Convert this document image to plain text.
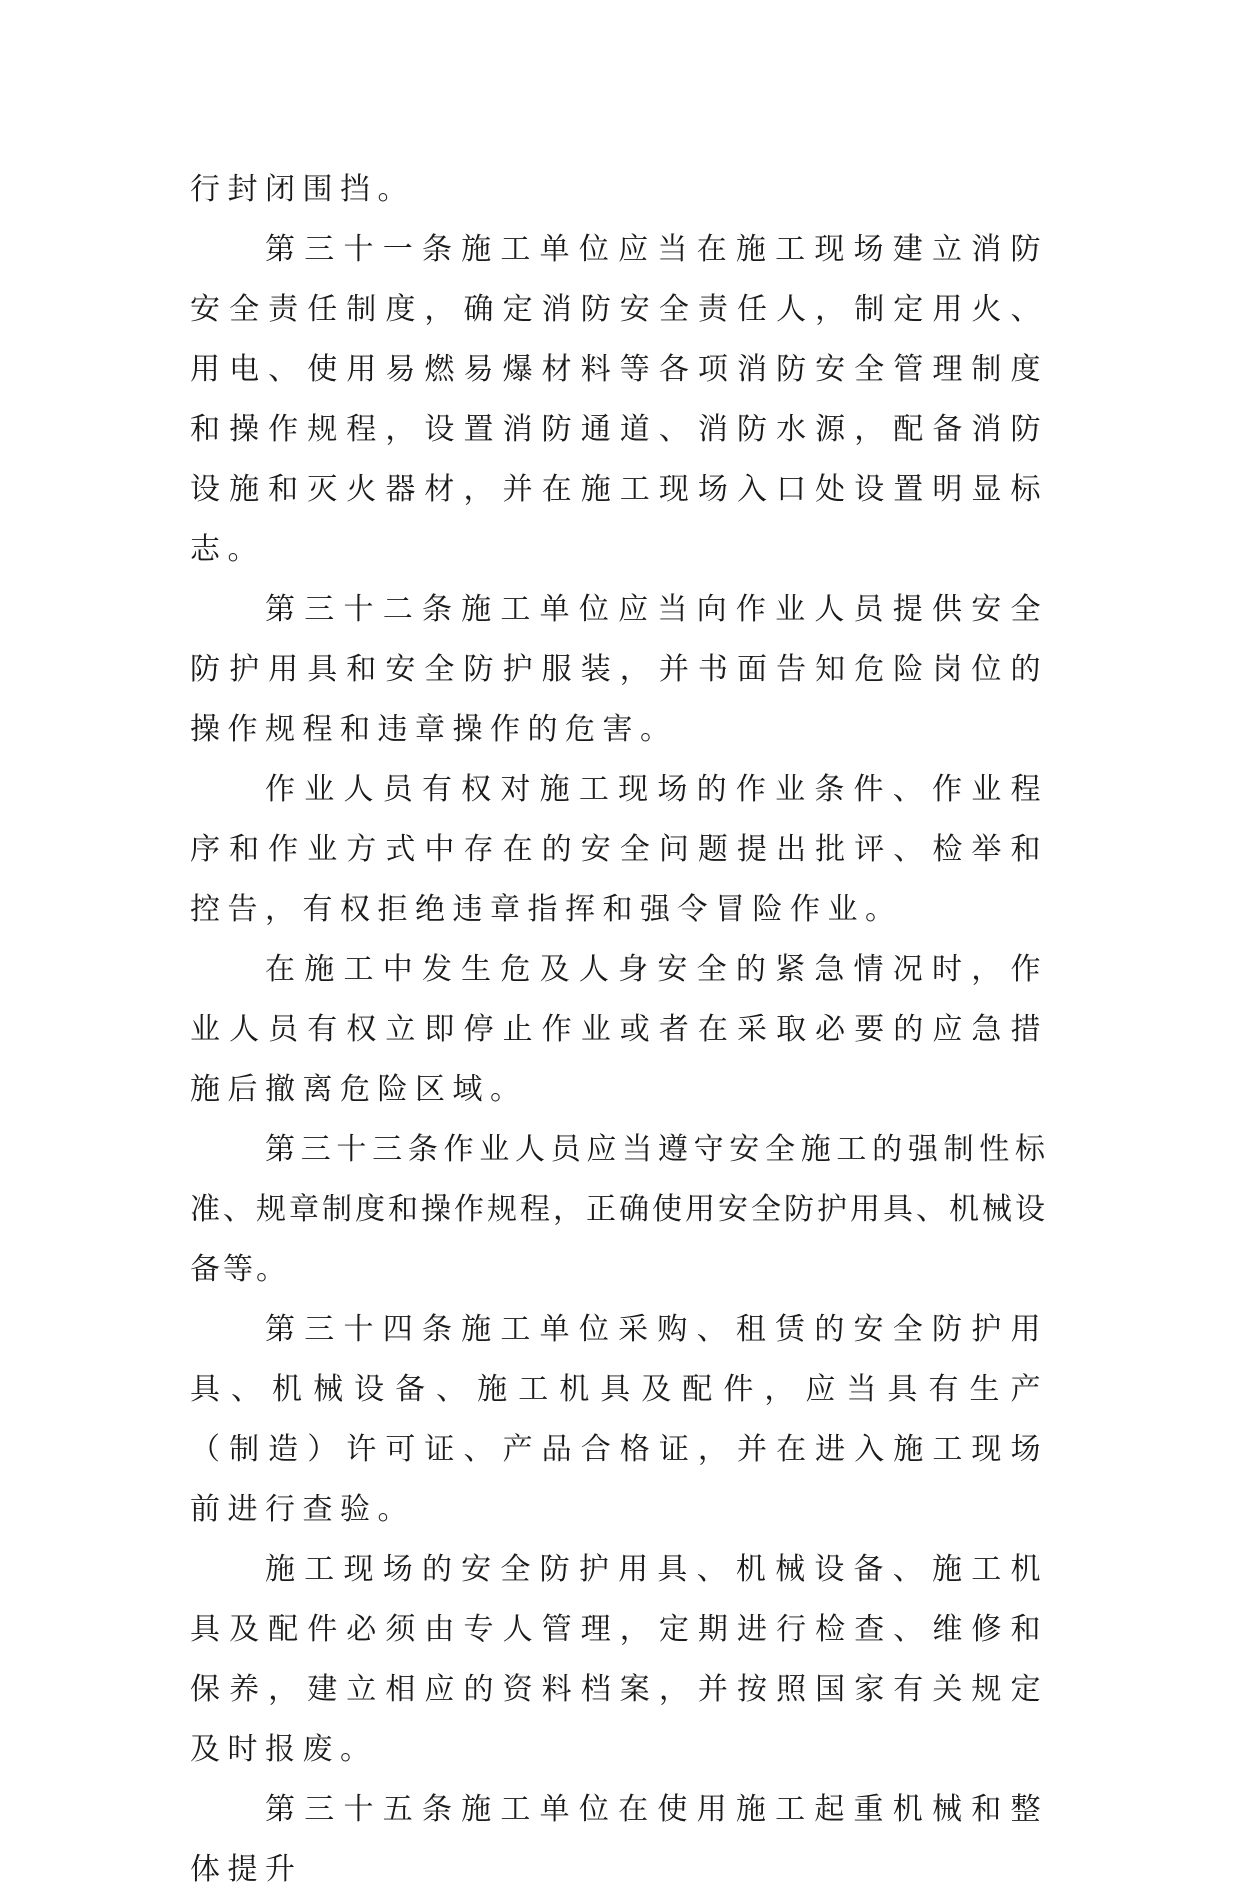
行封闭围挡。

第三十一条施工单位应当在施工现场建立消防安全责任制度，确定消防安全责任人，制定用火、用电、使用易燃易爆材料等各项消防安全管理制度和操作规程，设置消防通道、消防水源，配备消防设施和灭火器材，并在施工现场入口处设置明显标志。

第三十二条施工单位应当向作业人员提供安全防护用具和安全防护服装，并书面告知危险岗位的操作规程和违章操作的危害。

作业人员有权对施工现场的作业条件、作业程序和作业方式中存在的安全问题提出批评、检举和控告，有权拒绝违章指挥和强令冒险作业。

在施工中发生危及人身安全的紧急情况时，作业人员有权立即停止作业或者在采取必要的应急措施后撤离危险区域。

第三十三条作业人员应当遵守安全施工的强制性标准、规章制度和操作规程，正确使用安全防护用具、机械设备等。

第三十四条施工单位采购、租赁的安全防护用具、机械设备、施工机具及配件，应当具有生产（制造）许可证、产品合格证，并在进入施工现场前进行查验。

施工现场的安全防护用具、机械设备、施工机具及配件必须由专人管理，定期进行检查、维修和保养，建立相应的资料档案，并按照国家有关规定及时报废。

第三十五条施工单位在使用施工起重机械和整体提升
